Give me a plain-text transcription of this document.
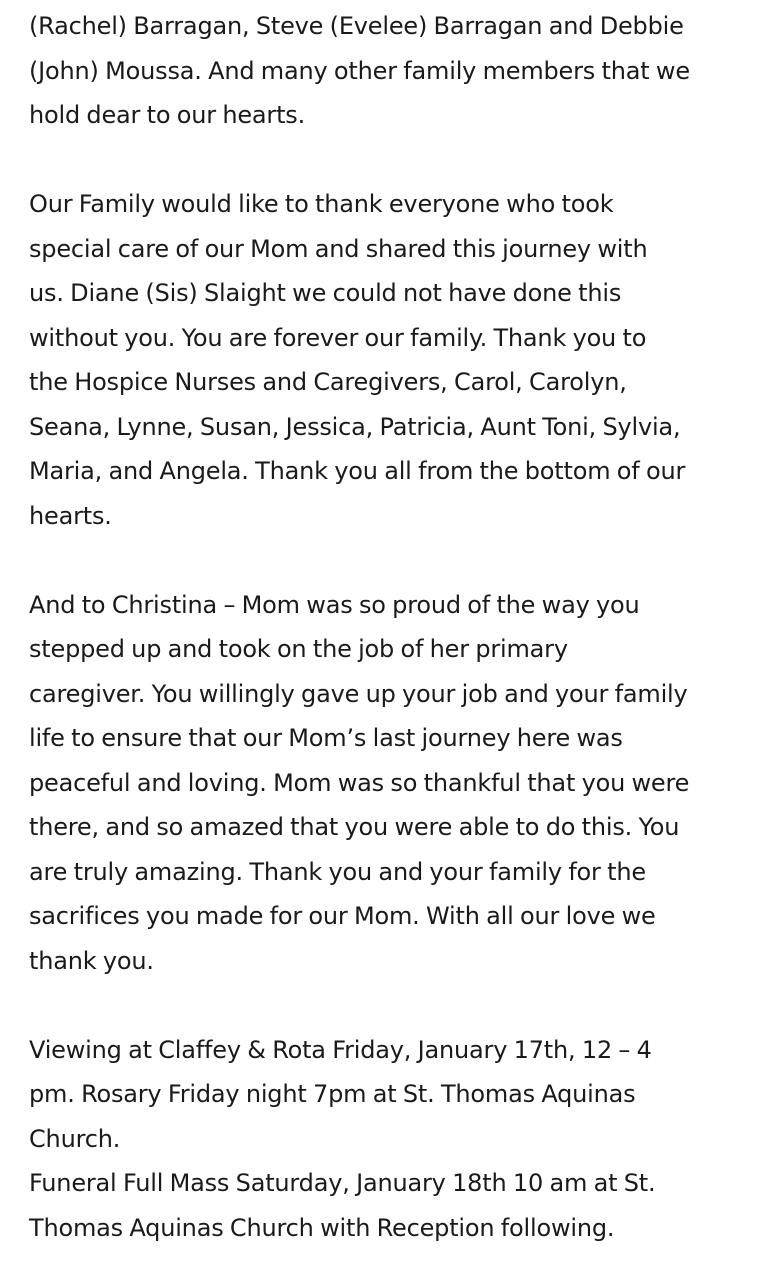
(Rachel) Barragan, Steve (Evelee) Barragan and Debbie
(John) Moussa. And many other family members that we
hold dear to our hearts.

Our Family would like to thank everyone who took
special care of our Mom and shared this journey with
us. Diane (Sis) Slaight we could not have done this
without you. You are forever our family. Thank you to
the Hospice Nurses and Caregivers, Carol, Carolyn,
Seana, Lynne, Susan, Jessica, Patricia, Aunt Toni, Sylvia,
Maria, and Angela. Thank you all from the bottom of our
hearts.

And to Christina – Mom was so proud of the way you
stepped up and took on the job of her primary
caregiver. You willingly gave up your job and your family
life to ensure that our Mom’s last journey here was
peaceful and loving. Mom was so thankful that you were
there, and so amazed that you were able to do this. You
are truly amazing. Thank you and your family for the
sacrifices you made for our Mom. With all our love we
thank you.

Viewing at Claffey & Rota Friday, January 17th, 12 – 4
pm. Rosary Friday night 7pm at St. Thomas Aquinas
Church.

Funeral Full Mass Saturday, January 18th 10 am at St.
Thomas Aquinas Church with Reception following.
